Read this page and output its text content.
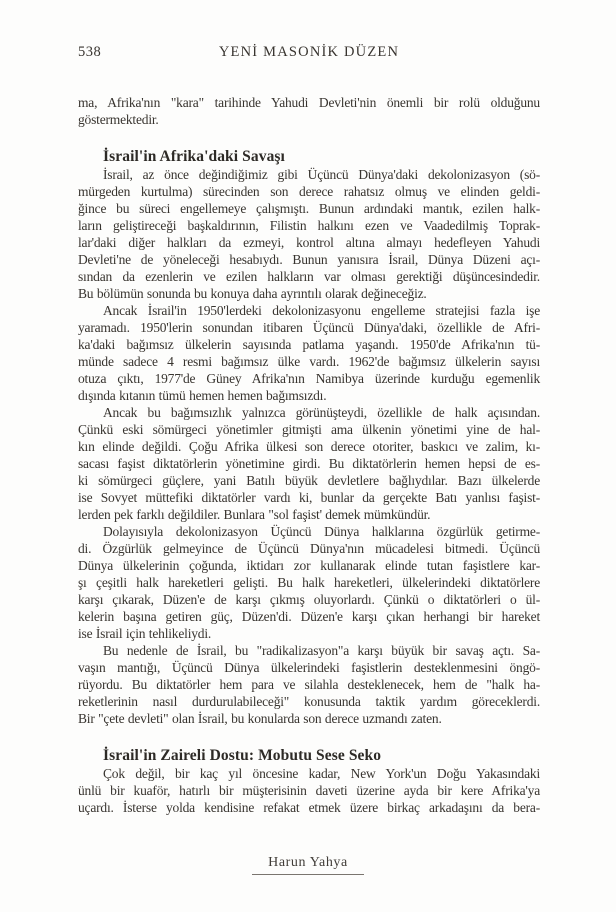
538	YENİ MASONİK DÜZEN
ma, Afrika'nın "kara" tarihinde Yahudi Devleti'nin önemli bir rolü olduğunu
göstermektedir.
İsrail'in Afrika'daki Savaşı
İsrail, az önce değindiğimiz gibi Üçüncü Dünya'daki dekolonizasyon (sö-
mürgeden kurtulma) sürecinden son derece rahatsız olmuş ve elinden geldi-
ğince bu süreci engellemeye çalışmıştı. Bunun ardındaki mantık, ezilen halk-
ların geliştireceği başkaldırının, Filistin halkını ezen ve Vaadedilmiş Toprak-
lar'daki diğer halkları da ezmeyi, kontrol altına almayı hedefleyen Yahudi
Devleti'ne de yöneleceği hesabıydı. Bunun yanısıra İsrail, Dünya Düzeni açı-
sından da ezenlerin ve ezilen halkların var olması gerektiği düşüncesindedir.
Bu bölümün sonunda bu konuya daha ayrıntılı olarak değineceğiz.
Ancak İsrail'in 1950'lerdeki dekolonizasyonu engelleme stratejisi fazla işe
yaramadı. 1950'lerin sonundan itibaren Üçüncü Dünya'daki, özellikle de Afri-
ka'daki bağımsız ülkelerin sayısında patlama yaşandı. 1950'de Afrika'nın tü-
münde sadece 4 resmi bağımsız ülke vardı. 1962'de bağımsız ülkelerin sayısı
otuza çıktı, 1977'de Güney Afrika'nın Namibya üzerinde kurduğu egemenlik
dışında kıtanın tümü hemen hemen bağımsızdı.
Ancak bu bağımsızlık yalnızca görünüşteydi, özellikle de halk açısından.
Çünkü eski sömürgeci yönetimler gitmişti ama ülkenin yönetimi yine de hal-
kın elinde değildi. Çoğu Afrika ülkesi son derece otoriter, baskıcı ve zalim, kı-
sacası faşist diktatörlerin yönetimine girdi. Bu diktatörlerin hemen hepsi de es-
ki sömürgeci güçlere, yani Batılı büyük devletlere bağlıydılar. Bazı ülkelerde
ise Sovyet müttefiki diktatörler vardı ki, bunlar da gerçekte Batı yanlısı faşist-
lerden pek farklı değildiler. Bunlara "sol faşist' demek mümkündür.
Dolayısıyla dekolonizasyon Üçüncü Dünya halklarına özgürlük getirme-
di. Özgürlük gelmeyince de Üçüncü Dünya'nın mücadelesi bitmedi. Üçüncü
Dünya ülkelerinin çoğunda, iktidarı zor kullanarak elinde tutan faşistlere kar-
şı çeşitli halk hareketleri gelişti. Bu halk hareketleri, ülkelerindeki diktatörlere
karşı çıkarak, Düzen'e de karşı çıkmış oluyorlardı. Çünkü o diktatörleri o ül-
kelerin başına getiren güç, Düzen'di. Düzen'e karşı çıkan herhangi bir hareket
ise İsrail için tehlikeliydi.
Bu nedenle de İsrail, bu "radikalizasyon"a karşı büyük bir savaş açtı. Sa-
vaşın mantığı, Üçüncü Dünya ülkelerindeki faşistlerin desteklenmesini öngö-
rüyordu. Bu diktatörler hem para ve silahla desteklenecek, hem de "halk ha-
reketlerinin nasıl durdurulabileceği" konusunda taktik yardım göreceklerdi.
Bir "çete devleti" olan İsrail, bu konularda son derece uzmandı zaten.
İsrail'in Zaireli Dostu: Mobutu Sese Seko
Çok değil, bir kaç yıl öncesine kadar, New York'un Doğu Yakasındaki
ünlü bir kuaför, hatırlı bir müşterisinin daveti üzerine ayda bir kere Afrika'ya
uçardı. İsterse yolda kendisine refakat etmek üzere birkaç arkadaşını da bera-
Harun Yahya
